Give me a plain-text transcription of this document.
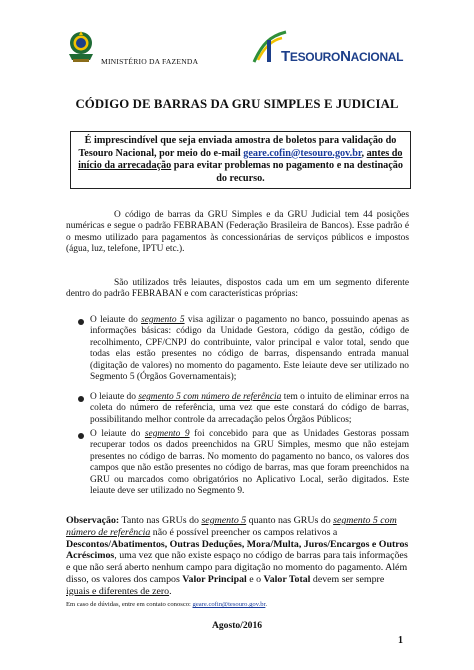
MINISTÉRIO DA FAZENDA	TESOURONACIONAL
CÓDIGO DE BARRAS DA GRU SIMPLES E JUDICIAL
É imprescindível que seja enviada amostra de boletos para validação do Tesouro Nacional, por meio do e-mail geare.cofin@tesouro.gov.br, antes do início da arrecadação para evitar problemas no pagamento e na destinação do recurso.
O código de barras da GRU Simples e da GRU Judicial tem 44 posições numéricas e segue o padrão FEBRABAN (Federação Brasileira de Bancos). Esse padrão é o mesmo utilizado para pagamentos às concessionárias de serviços públicos e impostos (água, luz, telefone, IPTU etc.).
São utilizados três leiautes, dispostos cada um em um segmento diferente dentro do padrão FEBRABAN e com características próprias:
O leiaute do segmento 5 visa agilizar o pagamento no banco, possuindo apenas as informações básicas: código da Unidade Gestora, código da gestão, código de recolhimento, CPF/CNPJ do contribuinte, valor principal e valor total, sendo que todas elas estão presentes no código de barras, dispensando entrada manual (digitação de valores) no momento do pagamento. Este leiaute deve ser utilizado no Segmento 5 (Órgãos Governamentais);
O leiaute do segmento 5 com número de referência tem o intuito de eliminar erros na coleta do número de referência, uma vez que este constará do código de barras, possibilitando melhor controle da arrecadação pelos Órgãos Públicos;
O leiaute do segmento 9 foi concebido para que as Unidades Gestoras possam recuperar todos os dados preenchidos na GRU Simples, mesmo que não estejam presentes no código de barras. No momento do pagamento no banco, os valores dos campos que não estão presentes no código de barras, mas que foram preenchidos na GRU ou marcados como obrigatórios no Aplicativo Local, serão digitados. Este leiaute deve ser utilizado no Segmento 9.
Observação: Tanto nas GRUs do segmento 5 quanto nas GRUs do segmento 5 com número de referência não é possível preencher os campos relativos a Descontos/Abatimentos, Outras Deduções, Mora/Multa, Juros/Encargos e Outros Acréscimos, uma vez que não existe espaço no código de barras para tais informações e que não será aberto nenhum campo para digitação no momento do pagamento. Além disso, os valores dos campos Valor Principal e o Valor Total devem ser sempre iguais e diferentes de zero.
Em caso de dúvidas, entre em contato conosco: geare.cofin@tesouro.gov.br.
Agosto/2016
1
